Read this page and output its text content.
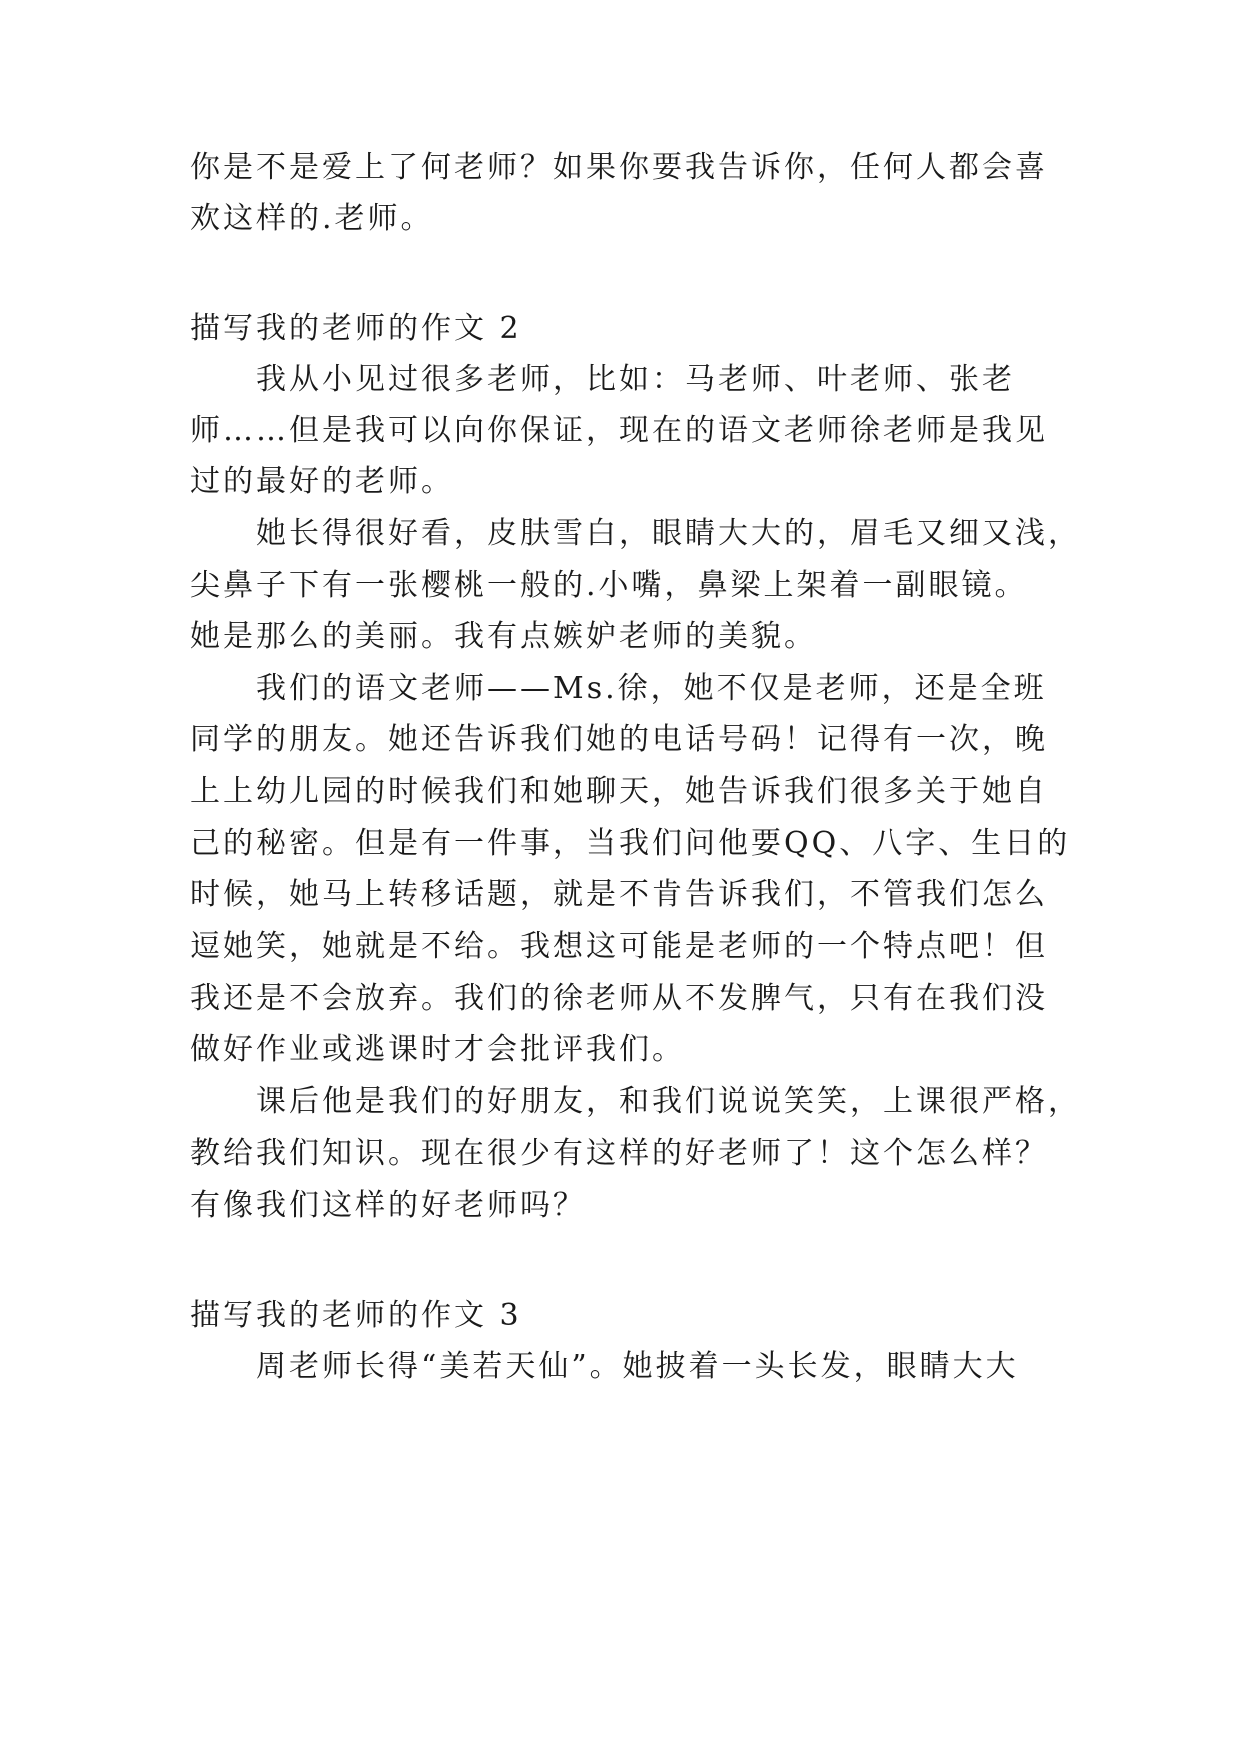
你是不是爱上了何老师？如果你要我告诉你，任何人都会喜
欢这样的.老师。
描写我的老师的作文 2
我从小见过很多老师，比如：马老师、叶老师、张老
师……但是我可以向你保证，现在的语文老师徐老师是我见
过的最好的老师。
她长得很好看，皮肤雪白，眼睛大大的，眉毛又细又浅，
尖鼻子下有一张樱桃一般的.小嘴，鼻梁上架着一副眼镜。
她是那么的美丽。我有点嫉妒老师的美貌。
我们的语文老师——Ms.徐，她不仅是老师，还是全班
同学的朋友。她还告诉我们她的电话号码！记得有一次，晚
上上幼儿园的时候我们和她聊天，她告诉我们很多关于她自
己的秘密。但是有一件事，当我们问他要QQ、八字、生日的
时候，她马上转移话题，就是不肯告诉我们，不管我们怎么
逗她笑，她就是不给。我想这可能是老师的一个特点吧！但
我还是不会放弃。我们的徐老师从不发脾气，只有在我们没
做好作业或逃课时才会批评我们。
课后他是我们的好朋友，和我们说说笑笑，上课很严格，
教给我们知识。现在很少有这样的好老师了！这个怎么样？
有像我们这样的好老师吗？
描写我的老师的作文 3
周老师长得“美若天仙”。她披着一头长发，眼睛大大
